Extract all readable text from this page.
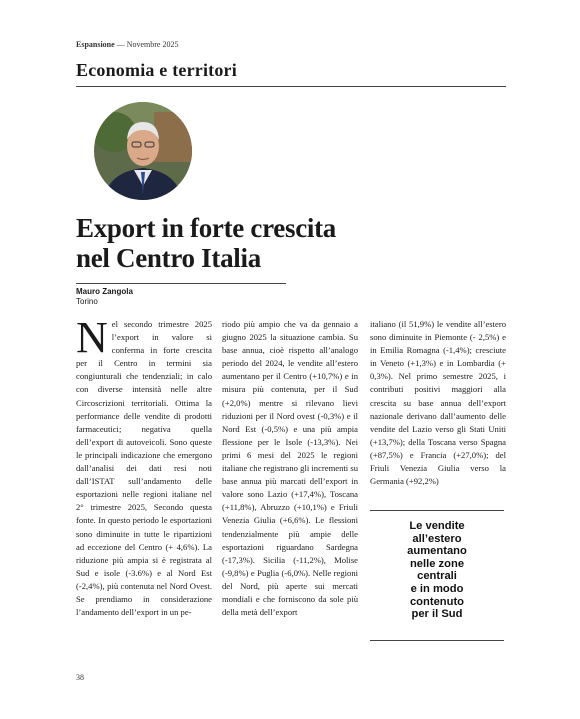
Espansione — Novembre 2025
Economia e territori
Export in forte crescita
nel Centro Italia
Mauro Zangola
Torino
N el secondo trimestre 2025 l’export in valore si conferma in forte crescita per il Centro in termini sia congiunturali che tendenziali; in calo con diverse intensità nelle altre Circoscrizioni territoriali. Ottima la performance delle vendite di prodotti farmaceutici; negativa quella dell’export di autoveicoli. Sono queste le principali indicazione che emergono dall’analisi dei dati resi noti dall’ISTAT sull’andamento delle esportazioni nelle regioni italiane nel 2° trimestre 2025, Secondo questa fonte. In questo periodo le esportazioni sono diminuite in tutte le ripartizioni ad eccezione del Centro (+ 4,6%). La riduzione più ampia si è registrata al Sud e isole (-3.6%) e al Nord Est (-2,4%), più contenuta nel Nord Ovest. Se prendiamo in considerazione l’andamento dell’export in un pe-
riodo più ampio che va da gennaio a giugno 2025 la situazione cambia. Su base annua, cioè rispetto all’analogo periodo del 2024, le vendite all’estero aumentano per il Centro (+10,7%) e in misura più contenuta, per il Sud (+2,0%) mentre si rilevano lievi riduzioni per il Nord ovest (-0,3%) e il Nord Est (-0,5%) e una più ampia flessione per le Isole (-13,3%). Nei primi 6 mesi del 2025 le regioni italiane che registrano gli incrementi su base annua più marcati dell’export in valore sono Lazio (+17,4%), Toscana (+11,8%), Abruzzo (+10,1%) e Friuli Venezia Giulia (+6,6%). Le flessioni tendenzialmente più ampie delle esportazioni riguardano Sardegna (-17,3%). Sicilia (-11,2%), Molise (-9,8%) e Puglia (-6,0%). Nelle regioni del Nord, più aperte sui mercati mondiali e che forniscono da sole più della metà dell’export
italiano (il 51,9%) le vendite all’estero sono diminuite in Piemonte (- 2,5%) e in Emilia Romagna (-1,4%); cresciute in Veneto (+1,3%) e in Lombardia (+ 0,3%). Nel primo semestre 2025, i contributi positivi maggiori alla crescita su base annua dell’export nazionale derivano dall’aumento delle vendite del Lazio verso gli Stati Uniti (+13,7%); della Toscana verso Spagna (+87,5%) e Francia (+27,0%); del Friuli Venezia Giulia verso la Germania (+92,2%)
Le vendite
all’estero
aumentano
nelle zone
centrali
e in modo
contenuto
per il Sud
38
